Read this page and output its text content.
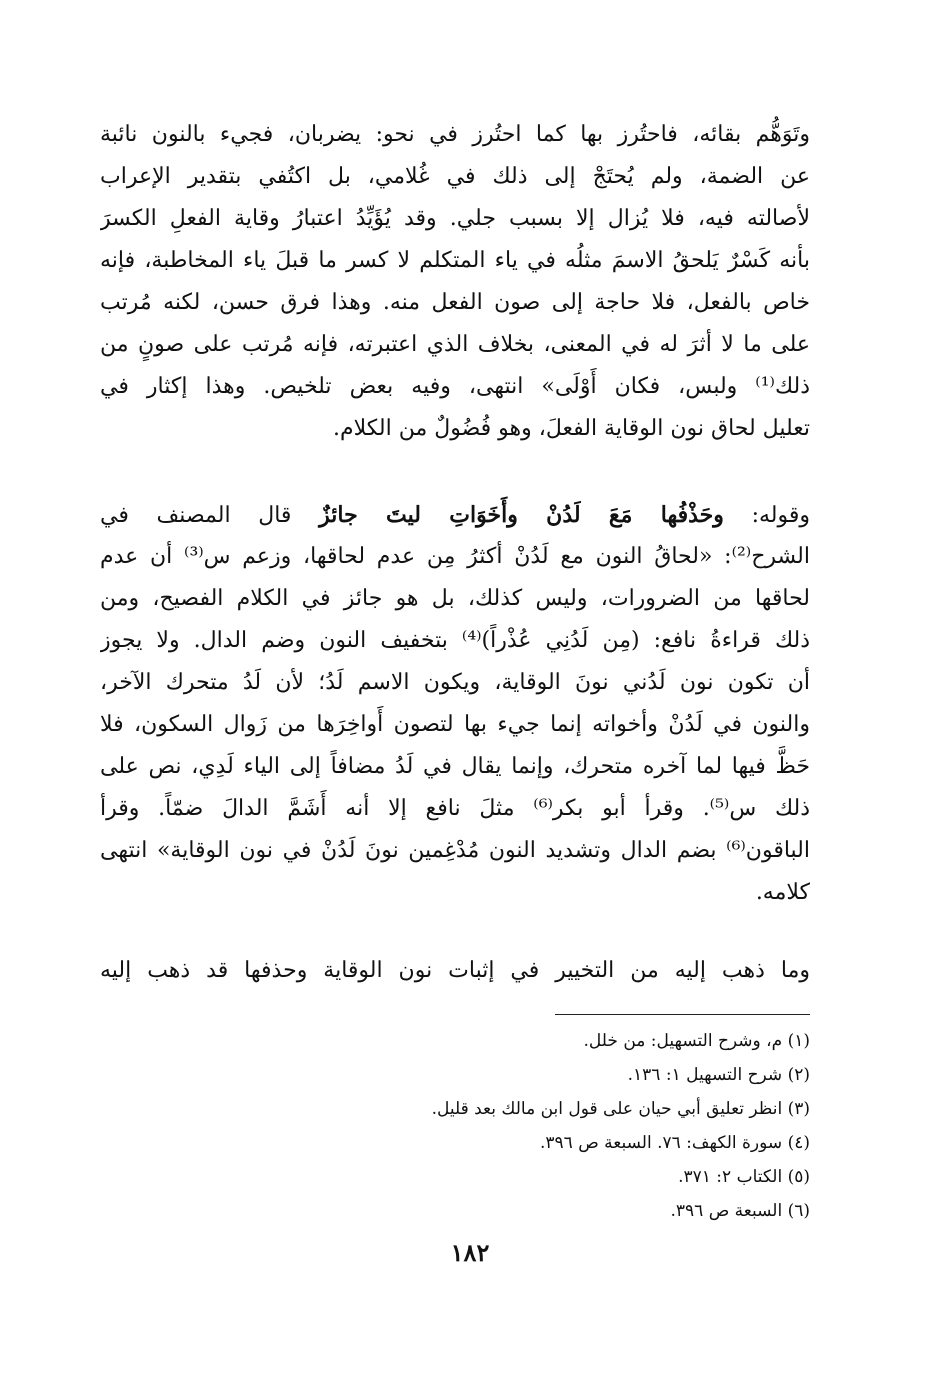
وتَوَهُّم بقائه، فاحتُرز بها كما احتُرز في نحو: يضربان، فجيء بالنون نائبة
عن الضمة، ولم يُحتَجْ إلى ذلك في غُلامي، بل اكتُفي بتقدير الإعراب
لأصالته فيه، فلا يُزال إلا بسبب جلي. وقد يُؤَيِّدُ اعتبارُ وقاية الفعلِ الكسرَ
بأنه كَسْرٌ يَلحقُ الاسمَ مثلُه في ياء المتكلم لا كسر ما قبلَ ياء المخاطبة، فإنه
خاص بالفعل، فلا حاجة إلى صون الفعل منه. وهذا فرق حسن، لكنه مُرتب
على ما لا أثرَ له في المعنى، بخلاف الذي اعتبرته، فإنه مُرتب على صونٍ من
ذلك⁽¹⁾ ولبس، فكان أَوْلَى» انتهى، وفيه بعض تلخيص. وهذا إكثار في
تعليل لحاق نون الوقاية الفعلَ، وهو فُضُولٌ من الكلام.
وقوله: وحَذْفُها مَعَ لَدُنْ وأَخَوَاتِ ليتَ جائزٌ قال المصنف في
الشرح⁽²⁾: «لحاقُ النون مع لَدُنْ أكثرُ مِن عدم لحاقها، وزعم س⁽³⁾ أن عدم
لحاقها من الضرورات، وليس كذلك، بل هو جائز في الكلام الفصيح، ومن
ذلك قراءةُ نافع: (مِن لَدُنِي عُذْراً)⁽⁴⁾ بتخفيف النون وضم الدال. ولا يجوز
أن تكون نون لَدُني نونَ الوقاية، ويكون الاسم لَدُ؛ لأن لَدُ متحرك الآخر،
والنون في لَدُنْ وأخواته إنما جيء بها لتصون أَواخِرَها من زَوال السكون، فلا
حَظَّ فيها لما آخره متحرك، وإنما يقال في لَدُ مضافاً إلى الياء لَدِي، نص على
ذلك س⁽⁵⁾. وقرأ أبو بكر⁽⁶⁾ مثلَ نافع إلا أنه أَشَمَّ الدالَ ضمّاً. وقرأ
الباقون⁽⁶⁾ بضم الدال وتشديد النون مُدْغِمين نونَ لَدُنْ في نون الوقاية» انتهى
كلامه.
وما ذهب إليه من التخيير في إثبات نون الوقاية وحذفها قد ذهب إليه
(١) م، وشرح التسهيل: من خلل.
(٢) شرح التسهيل ١: ١٣٦.
(٣) انظر تعليق أبي حيان على قول ابن مالك بعد قليل.
(٤) سورة الكهف: ٧٦. السبعة ص ٣٩٦.
(٥) الكتاب ٢: ٣٧١.
(٦) السبعة ص ٣٩٦.
١٨٢
